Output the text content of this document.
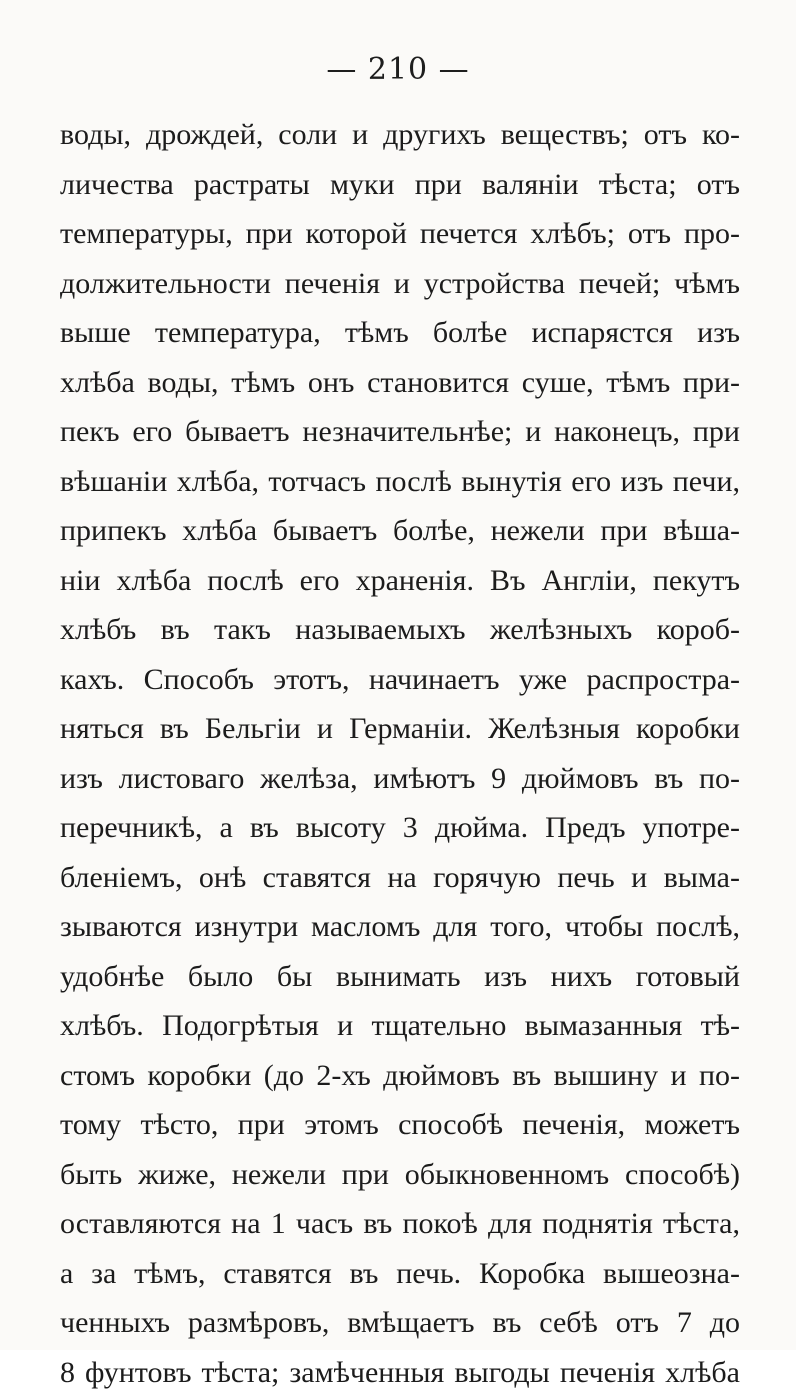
— 210 —
воды, дрождей, соли и другихъ веществъ; отъ ко-
личества растраты муки при валяніи тѣста; отъ
температуры, при которой печется хлѣбъ; отъ про-
должительности печенія и устройства печей; чѣмъ
выше температура, тѣмъ болѣе испарястся изъ
хлѣба воды, тѣмъ онъ становится суше, тѣмъ при-
пекъ его бываетъ незначительнѣе; и наконецъ, при
вѣшаніи хлѣба, тотчасъ послѣ вынутія его изъ печи,
припекъ хлѣба бываетъ болѣе, нежели при вѣша-
ніи хлѣба послѣ его храненія. Въ Англіи, пекутъ
хлѣбъ въ такъ называемыхъ желѣзныхъ короб-
кахъ. Способъ этотъ, начинаетъ уже распростра-
няться въ Бельгіи и Германіи. Желѣзныя коробки
изъ листоваго желѣза, имѣютъ 9 дюймовъ въ по-
перечникѣ, а въ высоту 3 дюйма. Предъ употре-
бленіемъ, онѣ ставятся на горячую печь и выма-
зываются изнутри масломъ для того, чтобы послѣ,
удобнѣе было бы вынимать изъ нихъ готовый
хлѣбъ. Подогрѣтыя и тщательно вымазанныя тѣ-
стомъ коробки (до 2-хъ дюймовъ въ вышину и по-
тому тѣсто, при этомъ способѣ печенія, можетъ
быть жиже, нежели при обыкновенномъ способѣ)
оставляются на 1 часъ въ покоѣ для поднятія тѣста,
а за тѣмъ, ставятся въ печь. Коробка вышеозна-
ченныхъ размѣровъ, вмѣщаетъ въ себѣ отъ 7 до
8 фунтовъ тѣста; замѣченныя выгоды печенія хлѣба
